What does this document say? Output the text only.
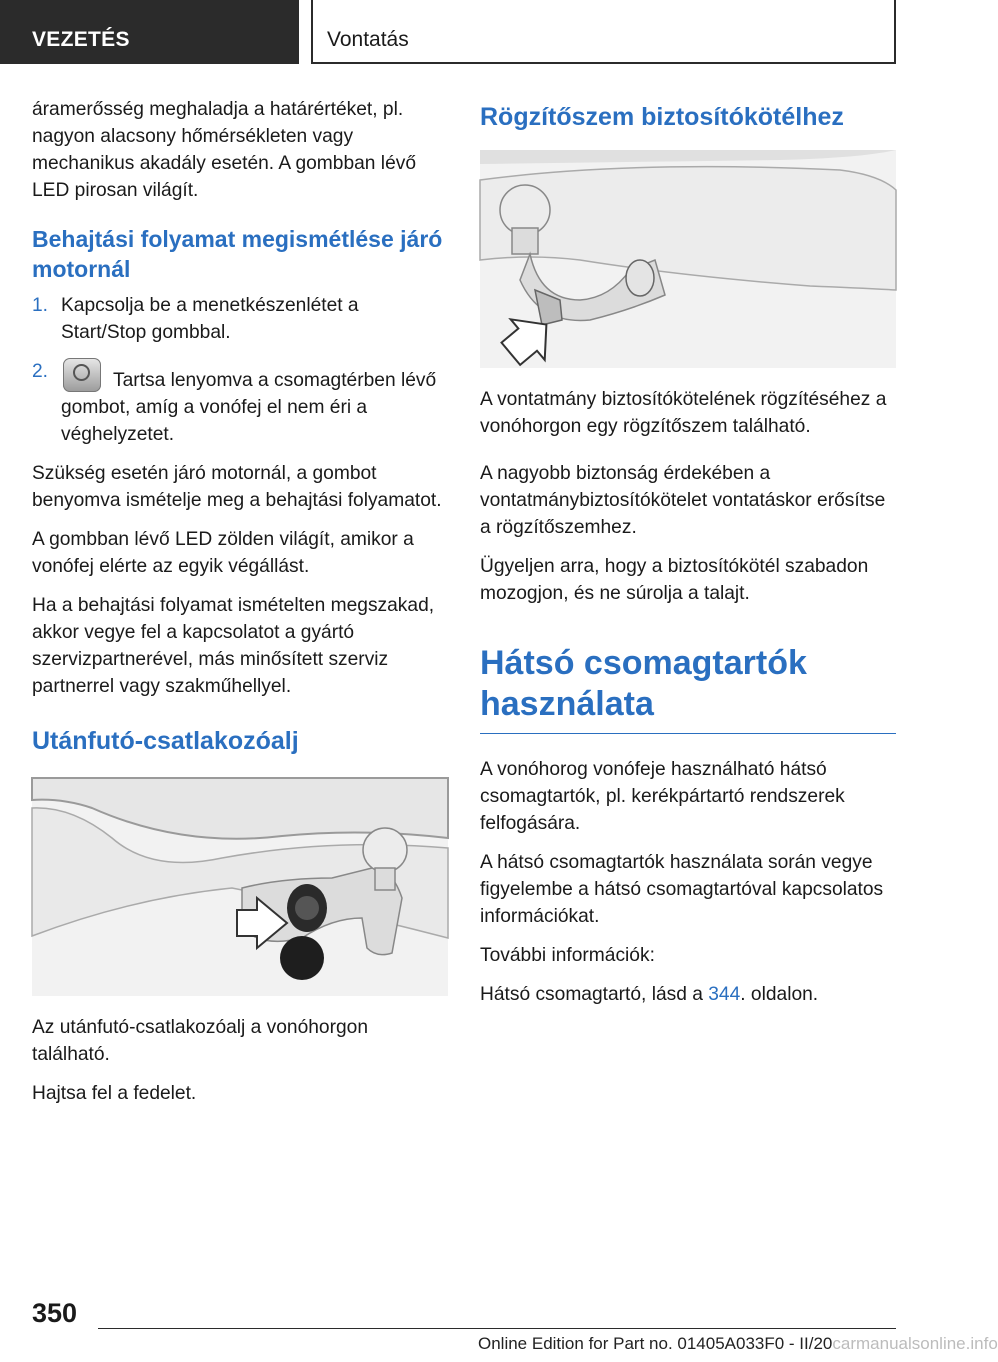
VEZETÉS	Vontatás

áramerősség meghaladja a határértéket, pl. nagyon alacsony hőmérsékleten vagy mechanikus akadály esetén. A gombban lévő LED pirosan világít.

Behajtási folyamat megismétlése járó motornál
1. Kapcsolja be a menetkészenlétet a Start/Stop gombbal.
2.	Tartsa lenyomva a csomagtérben lévő gombot, amíg a vonófej el nem éri a véghelyzetet.

Szükség esetén járó motornál, a gombot benyomva ismételje meg a behajtási folyamatot.

A gombban lévő LED zölden világít, amikor a vonófej elérte az egyik végállást.

Ha a behajtási folyamat ismételten megszakad, akkor vegye fel a kapcsolatot a gyártó szervizpartnerével, más minősített szerviz partnerrel vagy szakműhellyel.

Utánfutó-csatlakozóalj

Az utánfutó-csatlakozóalj a vonóhorgon található.

Hajtsa fel a fedelet.

Rögzítőszem biztosítókötélhez

A vontatmány biztosítókötelének rögzítéséhez a vonóhorgon egy rögzítőszem található.

A nagyobb biztonság érdekében a vontatmánybiztosítókötelet vontatáskor erősítse a rögzítőszemhez.

Ügyeljen arra, hogy a biztosítókötél szabadon mozogjon, és ne súrolja a talajt.

Hátsó csomagtartók használata

A vonóhorog vonófeje használható hátsó csomagtartók, pl. kerékpártartó rendszerek felfogására.

A hátsó csomagtartók használata során vegye figyelembe a hátsó csomagtartóval kapcsolatos információkat.

További információk:

Hátsó csomagtartó, lásd a 344. oldalon.

350
Online Edition for Part no. 01405A033F0 - II/20carmanualsonline.info
